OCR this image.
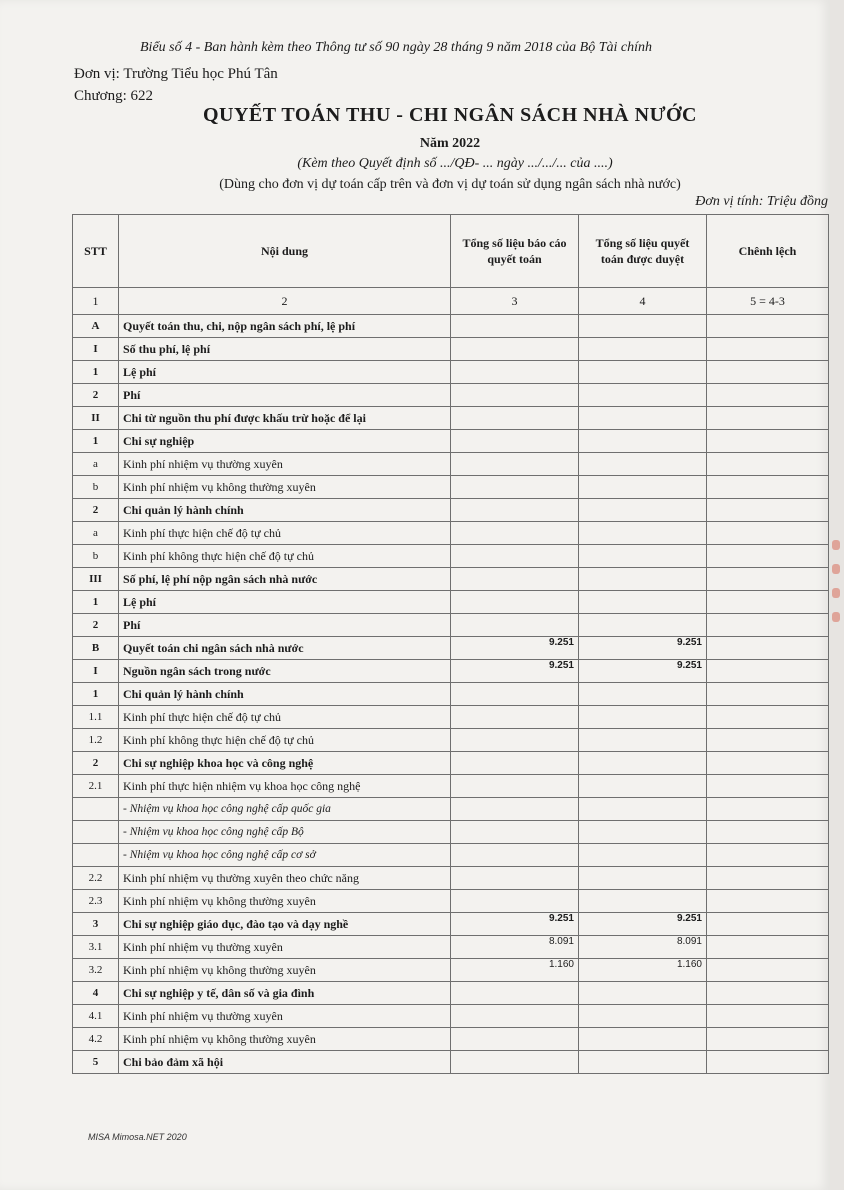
Biểu số 4 - Ban hành kèm theo Thông tư số 90 ngày 28 tháng 9 năm 2018 của Bộ Tài chính
Đơn vị: Trường Tiểu học Phú Tân
Chương: 622
QUYẾT TOÁN THU - CHI NGÂN SÁCH NHÀ NƯỚC
Năm 2022
(Kèm theo Quyết định số .../QĐ- ... ngày .../.../... của ....)
(Dùng cho đơn vị dự toán cấp trên và đơn vị dự toán sử dụng ngân sách nhà nước)
Đơn vị tính: Triệu đồng
STT	Nội dung	Tổng số liệu báo cáo quyết toán	Tổng số liệu quyết toán được duyệt	Chênh lệch
1	2	3	4	5 = 4-3
A	Quyết toán thu, chi, nộp ngân sách phí, lệ phí			
I	Số thu phí, lệ phí			
1	Lệ phí			
2	Phí			
II	Chi từ nguồn thu phí được khấu trừ hoặc để lại			
1	Chi sự nghiệp			
a	Kinh phí nhiệm vụ thường xuyên			
b	Kinh phí nhiệm vụ không thường xuyên			
2	Chi quản lý hành chính			
a	Kinh phí thực hiện chế độ tự chủ			
b	Kinh phí không thực hiện chế độ tự chủ			
III	Số phí, lệ phí nộp ngân sách nhà nước			
1	Lệ phí			
2	Phí			
B	Quyết toán chi ngân sách nhà nước	9.251	9.251	
I	Nguồn ngân sách trong nước	9.251	9.251	
1	Chi quản lý hành chính			
1.1	Kinh phí thực hiện chế độ tự chủ			
1.2	Kinh phí không thực hiện chế độ tự chủ			
2	Chi sự nghiệp khoa học và công nghệ			
2.1	Kinh phí thực hiện nhiệm vụ khoa học công nghệ			
	- Nhiệm vụ khoa học công nghệ cấp quốc gia			
	- Nhiệm vụ khoa học công nghệ cấp Bộ			
	- Nhiệm vụ khoa học công nghệ cấp cơ sở			
2.2	Kinh phí nhiệm vụ thường xuyên theo chức năng			
2.3	Kinh phí nhiệm vụ không thường xuyên			
3	Chi sự nghiệp giáo dục, đào tạo và dạy nghề	9.251	9.251	
3.1	Kinh phí nhiệm vụ thường xuyên	8.091	8.091	
3.2	Kinh phí nhiệm vụ không thường xuyên	1.160	1.160	
4	Chi sự nghiệp y tế, dân số và gia đình			
4.1	Kinh phí nhiệm vụ thường xuyên			
4.2	Kinh phí nhiệm vụ không thường xuyên			
5	Chi bảo đảm xã hội			
MISA Mimosa.NET 2020
